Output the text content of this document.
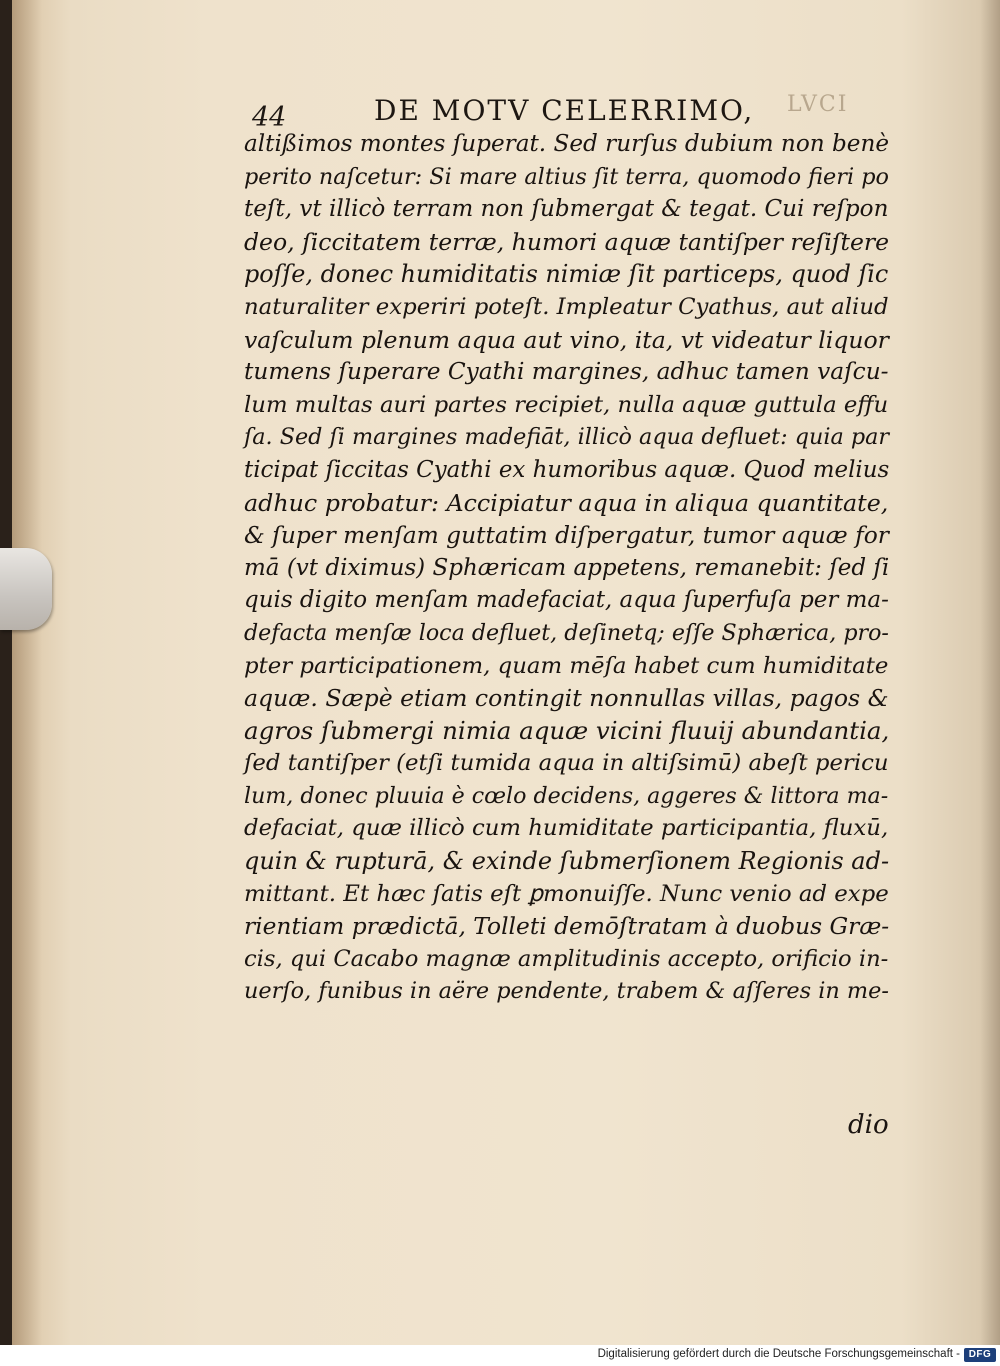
44	DE MOTV CELERRIMO, LVCI
altißimos montes ſuperat. Sed rurſus dubium non benè
perito naſcetur: Si mare altius ſit terra, quomodo fieri po
teſt, vt illicò terram non ſubmergat & tegat. Cui reſpon
deo, ſiccitatem terræ, humori aquæ tantiſper reſiſtere
poſſe, donec humiditatis nimiæ ſit particeps, quod ſic
naturaliter experiri poteſt. Impleatur Cyathus, aut aliud
vaſculum plenum aqua aut vino, ita, vt videatur liquor
tumens ſuperare Cyathi margines, adhuc tamen vaſcu-
lum multas auri partes recipiet, nulla aquæ guttula effu
ſa. Sed ſi margines madefiāt, illicò aqua defluet: quia par
ticipat ſiccitas Cyathi ex humoribus aquæ. Quod melius
adhuc probatur: Accipiatur aqua in aliqua quantitate,
& ſuper menſam guttatim diſpergatur, tumor aquæ for
mā (vt diximus) Sphæricam appetens, remanebit: ſed ſi
quis digito menſam madefaciat, aqua ſuperfuſa per ma-
defacta menſæ loca defluet, deſinetq; eſſe Sphærica, pro-
pter participationem, quam mēſa habet cum humiditate
aquæ. Sæpè etiam contingit nonnullas villas, pagos &
agros ſubmergi nimia aquæ vicini fluuij abundantia,
ſed tantiſper (etſi tumida aqua in altiſsimū) abeſt pericu
lum, donec pluuia è cœlo decidens, aggeres & littora ma-
defaciat, quæ illicò cum humiditate participantia, fluxū,
quin & rupturā, & exinde ſubmerſionem Regionis ad-
mittant. Et hæc ſatis eſt ꝑmonuiſſe. Nunc venio ad expe
rientiam prædictā, Tolleti demōſtratam à duobus Græ-
cis, qui Cacabo magnæ amplitudinis accepto, orificio in-
uerſo, funibus in aëre pendente, trabem & aſſeres in me-
dio
Digitalisierung gefördert durch die Deutsche Forschungsgemeinschaft - DFG
